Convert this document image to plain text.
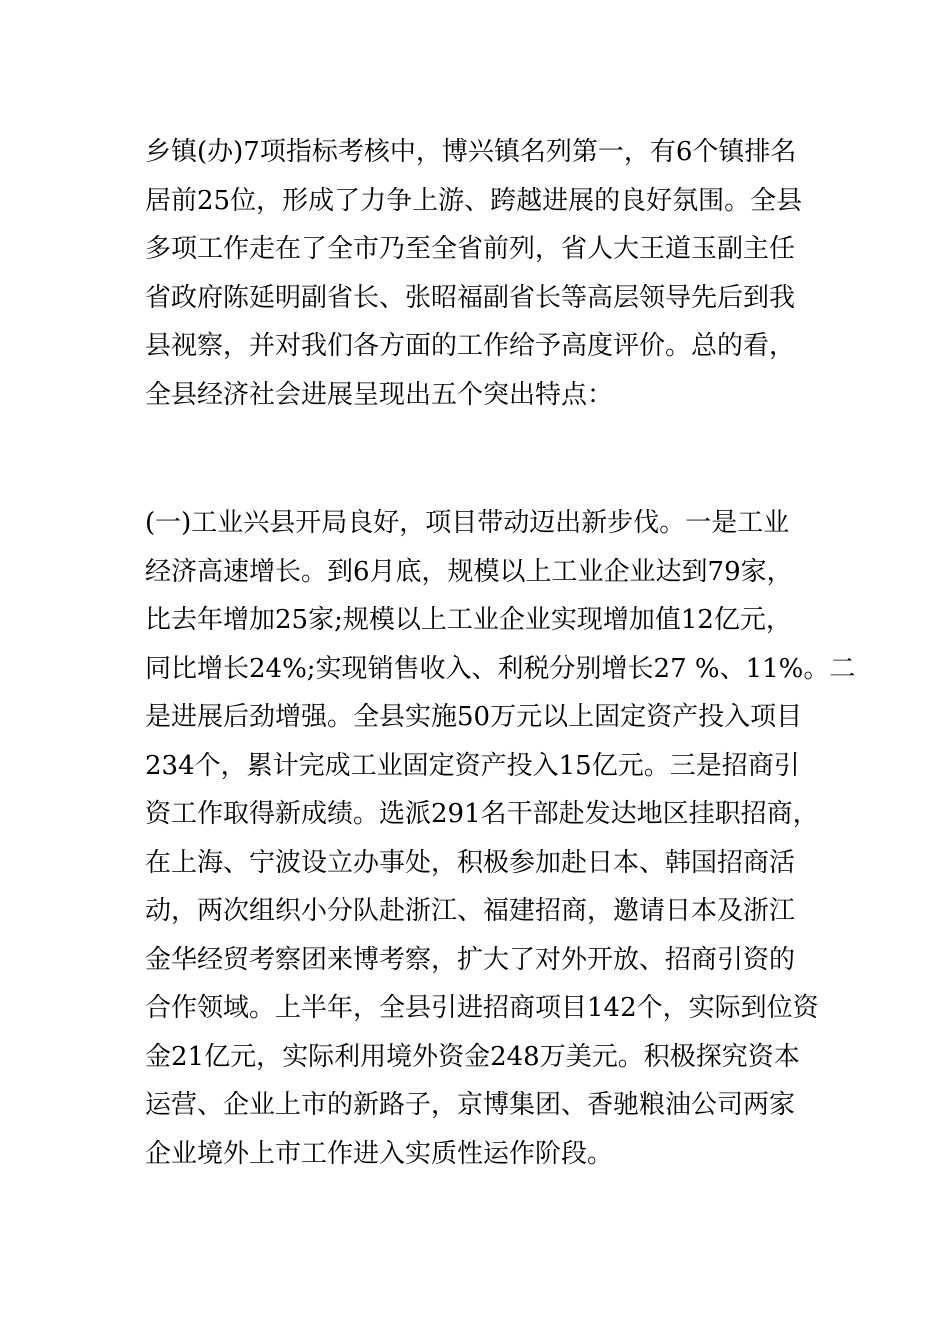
乡镇(办)7项指标考核中，博兴镇名列第一，有6个镇排名
居前25位，形成了力争上游、跨越进展的良好氛围。全县
多项工作走在了全市乃至全省前列，省人大王道玉副主任
省政府陈延明副省长、张昭福副省长等高层领导先后到我
县视察，并对我们各方面的工作给予高度评价。总的看，
全县经济社会进展呈现出五个突出特点：
(一)工业兴县开局良好，项目带动迈出新步伐。一是工业
经济高速增长。到6月底，规模以上工业企业达到79家，
比去年增加25家;规模以上工业企业实现增加值12亿元，
同比增长24%;实现销售收入、利税分别增长27 %、11%。二
是进展后劲增强。全县实施50万元以上固定资产投入项目
234个，累计完成工业固定资产投入15亿元。三是招商引
资工作取得新成绩。选派291名干部赴发达地区挂职招商，
在上海、宁波设立办事处，积极参加赴日本、韩国招商活
动，两次组织小分队赴浙江、福建招商，邀请日本及浙江
金华经贸考察团来博考察，扩大了对外开放、招商引资的
合作领域。上半年，全县引进招商项目142个，实际到位资
金21亿元，实际利用境外资金248万美元。积极探究资本
运营、企业上市的新路子，京博集团、香驰粮油公司两家
企业境外上市工作进入实质性运作阶段。
